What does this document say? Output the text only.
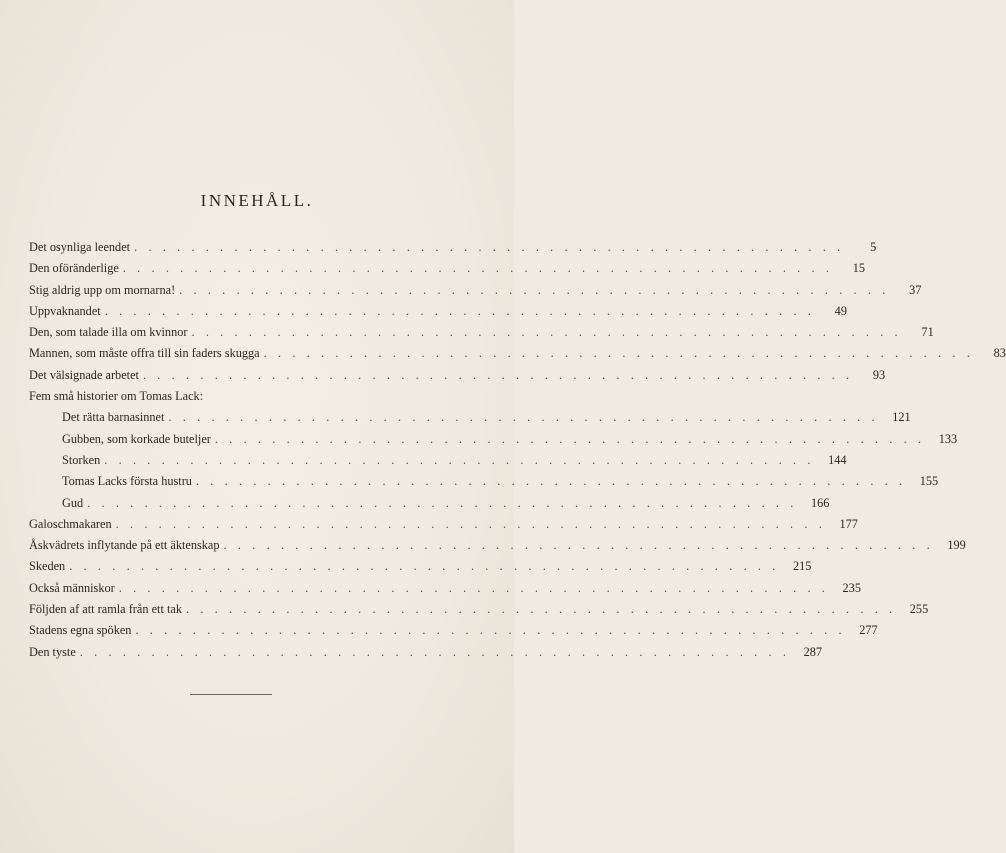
INNEHÅLL.
Det osynliga leendet . . . . . . . . . . . . . . . . . . . . . . . . . . . . . . . . . . . . . . . . . . . . . . . . . .	5
Den oföränderlige . . . . . . . . . . . . . . . . . . . . . . . . . . . . . . . . . . . . . . . . . . . . . . . . . .	15
Stig aldrig upp om mornarna! . . . . . . . . . . . . . . . . . . . . . . . . . . . . . . . . . . . . . . . . . . . . . . . . . .	37
Uppvaknandet . . . . . . . . . . . . . . . . . . . . . . . . . . . . . . . . . . . . . . . . . . . . . . . . . .	49
Den, som talade illa om kvinnor . . . . . . . . . . . . . . . . . . . . . . . . . . . . . . . . . . . . . . . . . . . . . . . . . .	71
Mannen, som måste offra till sin faders skugga . . . . . . . . . . . . . . . . . . . . . . . . . . . . . . . . . . . . . . . . . . . . . . . . . .	83
Det välsignade arbetet . . . . . . . . . . . . . . . . . . . . . . . . . . . . . . . . . . . . . . . . . . . . . . . . . .	93
Fem små historier om Tomas Lack:
Det rätta barnasinnet . . . . . . . . . . . . . . . . . . . . . . . . . . . . . . . . . . . . . . . . . . . . . . . . . .	121
Gubben, som korkade buteljer . . . . . . . . . . . . . . . . . . . . . . . . . . . . . . . . . . . . . . . . . . . . . . . . . .	133
Storken . . . . . . . . . . . . . . . . . . . . . . . . . . . . . . . . . . . . . . . . . . . . . . . . . .	144
Tomas Lacks första hustru . . . . . . . . . . . . . . . . . . . . . . . . . . . . . . . . . . . . . . . . . . . . . . . . . .	155
Gud . . . . . . . . . . . . . . . . . . . . . . . . . . . . . . . . . . . . . . . . . . . . . . . . . .	166
Galoschmakaren . . . . . . . . . . . . . . . . . . . . . . . . . . . . . . . . . . . . . . . . . . . . . . . . . .	177
Åskvädrets inflytande på ett äktenskap . . . . . . . . . . . . . . . . . . . . . . . . . . . . . . . . . . . . . . . . . . . . . . . . . .	199
Skeden . . . . . . . . . . . . . . . . . . . . . . . . . . . . . . . . . . . . . . . . . . . . . . . . . .	215
Också människor . . . . . . . . . . . . . . . . . . . . . . . . . . . . . . . . . . . . . . . . . . . . . . . . . .	235
Följden af att ramla från ett tak . . . . . . . . . . . . . . . . . . . . . . . . . . . . . . . . . . . . . . . . . . . . . . . . . .	255
Stadens egna spöken . . . . . . . . . . . . . . . . . . . . . . . . . . . . . . . . . . . . . . . . . . . . . . . . . .	277
Den tyste . . . . . . . . . . . . . . . . . . . . . . . . . . . . . . . . . . . . . . . . . . . . . . . . . .	287
